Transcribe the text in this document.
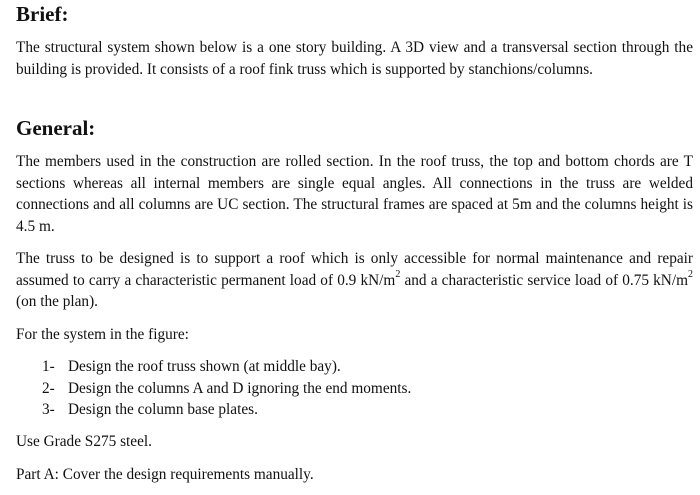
Brief:

The structural system shown below is a one story building. A 3D view and a transversal section through the building is provided. It consists of a roof fink truss which is supported by stanchions/columns.

General:

The members used in the construction are rolled section. In the roof truss, the top and bottom chords are T sections whereas all internal members are single equal angles. All connections in the truss are welded connections and all columns are UC section. The structural frames are spaced at 5m and the columns height is 4.5 m.

The truss to be designed is to support a roof which is only accessible for normal maintenance and repair assumed to carry a characteristic permanent load of 0.9 $kN/m^2$ and a characteristic service load of 0.75 $kN/m^2$ (on the plan).

For the system in the figure:

1- Design the roof truss shown (at middle bay).
2- Design the columns A and D ignoring the end moments.
3- Design the column base plates.

Use Grade S275 steel.

Part A: Cover the design requirements manually.
